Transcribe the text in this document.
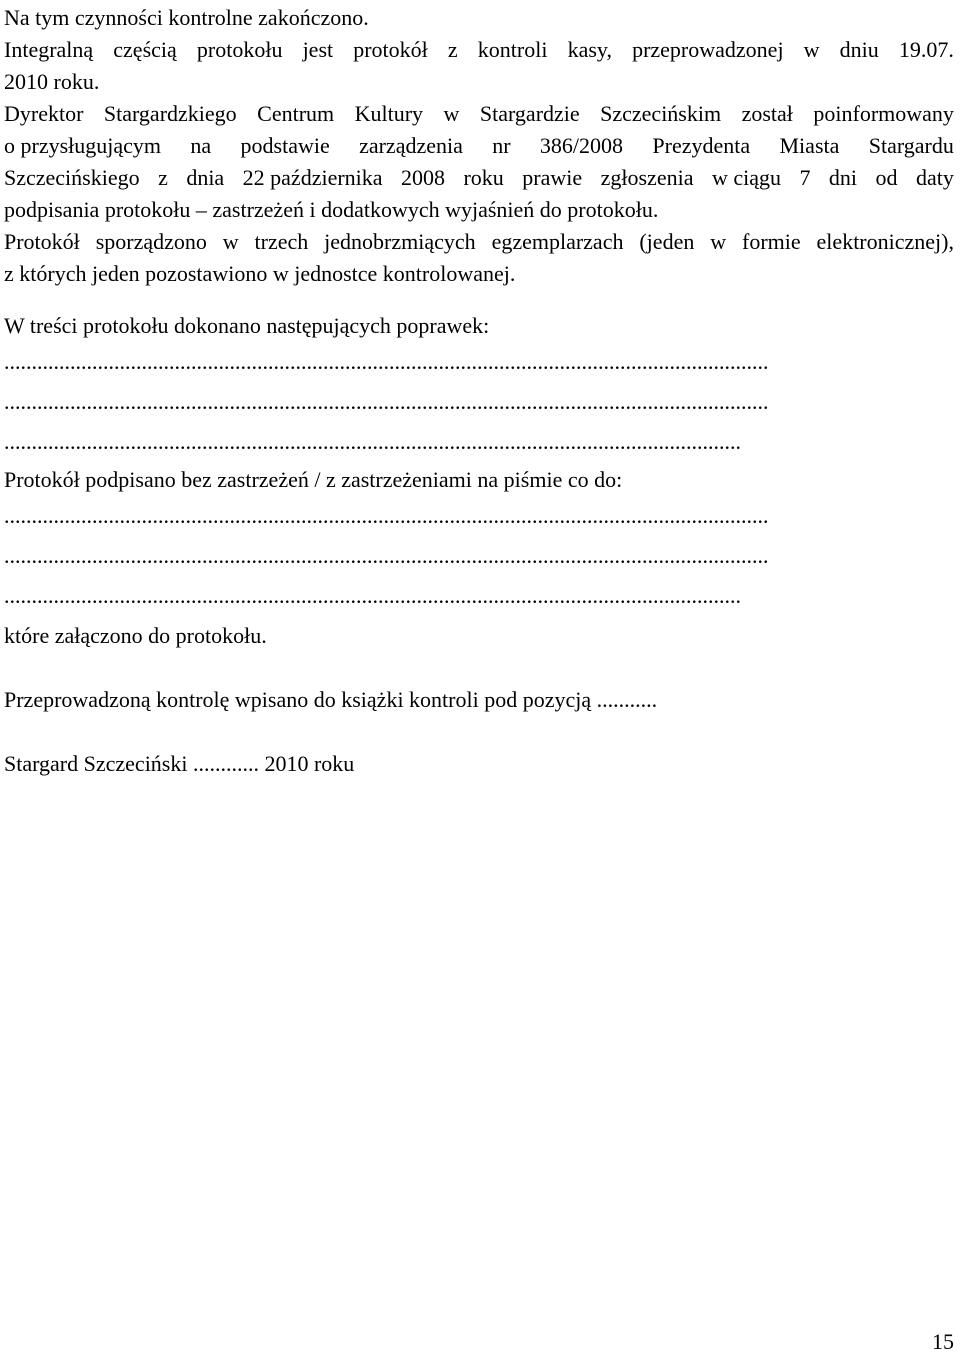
Na tym czynności kontrolne zakończono.
Integralną częścią protokołu jest protokół z kontroli kasy, przeprowadzonej w dniu 19.07.
2010 roku.
Dyrektor Stargardzkiego Centrum Kultury w Stargardzie Szczecińskim został poinformowany
o przysługującym na podstawie zarządzenia nr 386/2008 Prezydenta Miasta Stargardu
Szczecińskiego z dnia 22 października 2008 roku prawie zgłoszenia w ciągu 7 dni od daty
podpisania protokołu – zastrzeżeń i dodatkowych wyjaśnień do protokołu.
Protokół sporządzono w trzech jednobrzmiących egzemplarzach (jeden w formie elektronicznej),
z których jeden pozostawiono w jednostce kontrolowanej.
W treści protokołu dokonano następujących poprawek:
...........................................................................................................................................
...........................................................................................................................................
......................................................................................................................................
Protokół podpisano bez zastrzeżeń / z zastrzeżeniami na piśmie co do:
...........................................................................................................................................
...........................................................................................................................................
......................................................................................................................................
które załączono do protokołu.
Przeprowadzoną kontrolę wpisano do książki kontroli pod pozycją ...........
Stargard Szczeciński ............ 2010 roku
15
